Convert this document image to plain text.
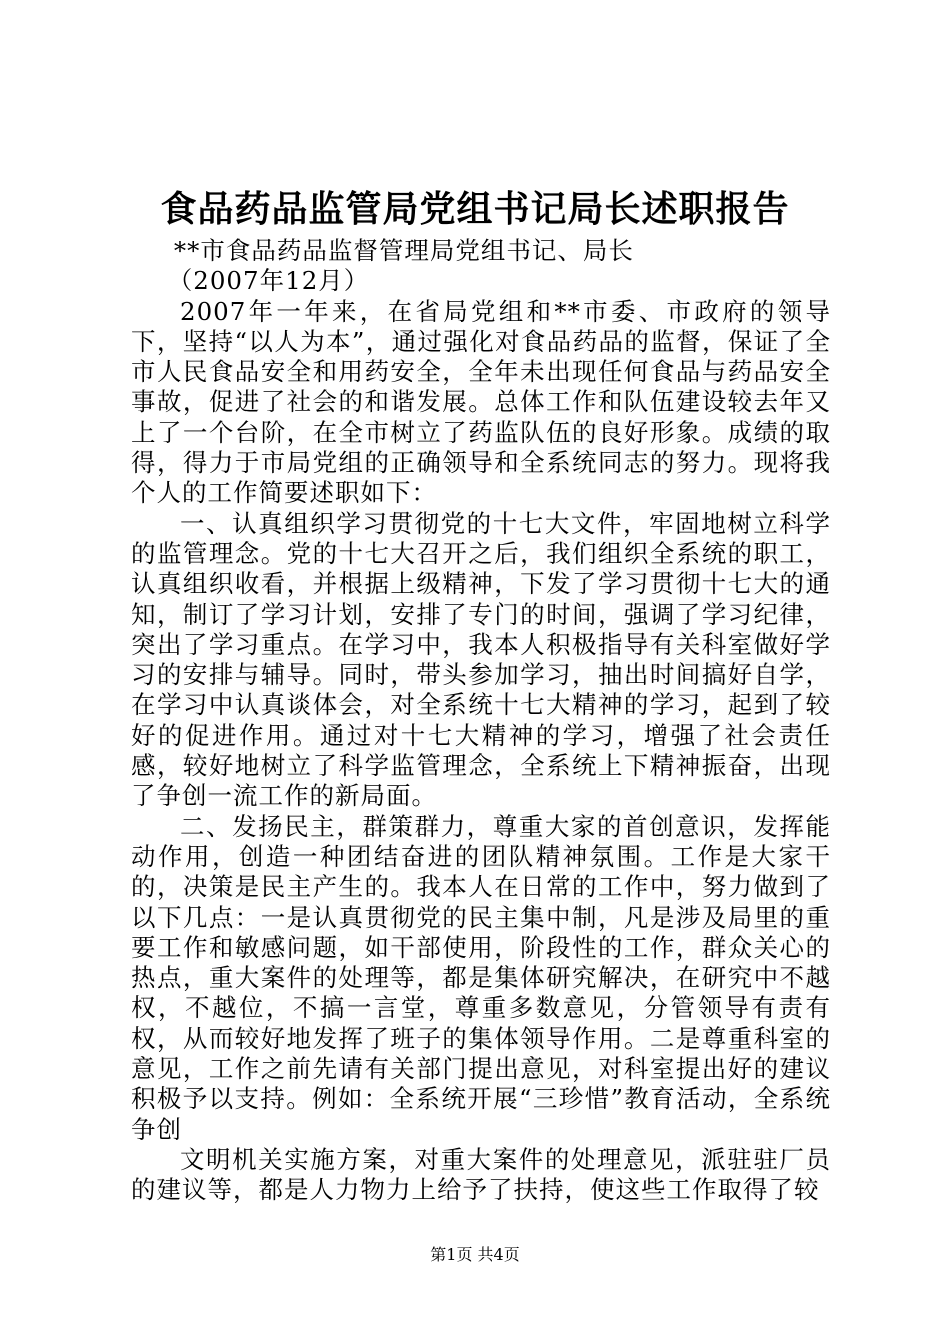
食品药品监管局党组书记局长述职报告

**市食品药品监督管理局党组书记、局长

（2007年12月）

2007年一年来，在省局党组和**市委、市政府的领导下，坚持“以人为本”，通过强化对食品药品的监督，保证了全市人民食品安全和用药安全，全年未出现任何食品与药品安全事故，促进了社会的和谐发展。总体工作和队伍建设较去年又上了一个台阶，在全市树立了药监队伍的良好形象。成绩的取得，得力于市局党组的正确领导和全系统同志的努力。现将我个人的工作简要述职如下：

一、认真组织学习贯彻党的十七大文件，牢固地树立科学的监管理念。党的十七大召开之后，我们组织全系统的职工，认真组织收看，并根据上级精神，下发了学习贯彻十七大的通知，制订了学习计划，安排了专门的时间，强调了学习纪律，突出了学习重点。在学习中，我本人积极指导有关科室做好学习的安排与辅导。同时，带头参加学习，抽出时间搞好自学，在学习中认真谈体会，对全系统十七大精神的学习，起到了较好的促进作用。通过对十七大精神的学习，增强了社会责任感，较好地树立了科学监管理念，全系统上下精神振奋，出现了争创一流工作的新局面。

二、发扬民主，群策群力，尊重大家的首创意识，发挥能动作用，创造一种团结奋进的团队精神氛围。工作是大家干的，决策是民主产生的。我本人在日常的工作中，努力做到了以下几点：一是认真贯彻党的民主集中制，凡是涉及局里的重要工作和敏感问题，如干部使用，阶段性的工作，群众关心的热点，重大案件的处理等，都是集体研究解决，在研究中不越权，不越位，不搞一言堂，尊重多数意见，分管领导有责有权，从而较好地发挥了班子的集体领导作用。二是尊重科室的意见，工作之前先请有关部门提出意见，对科室提出好的建议积极予以支持。例如：全系统开展“三珍惜”教育活动，全系统争创

文明机关实施方案，对重大案件的处理意见，派驻驻厂员的建议等，都是人力物力上给予了扶持，使这些工作取得了较

第1页 共4页
